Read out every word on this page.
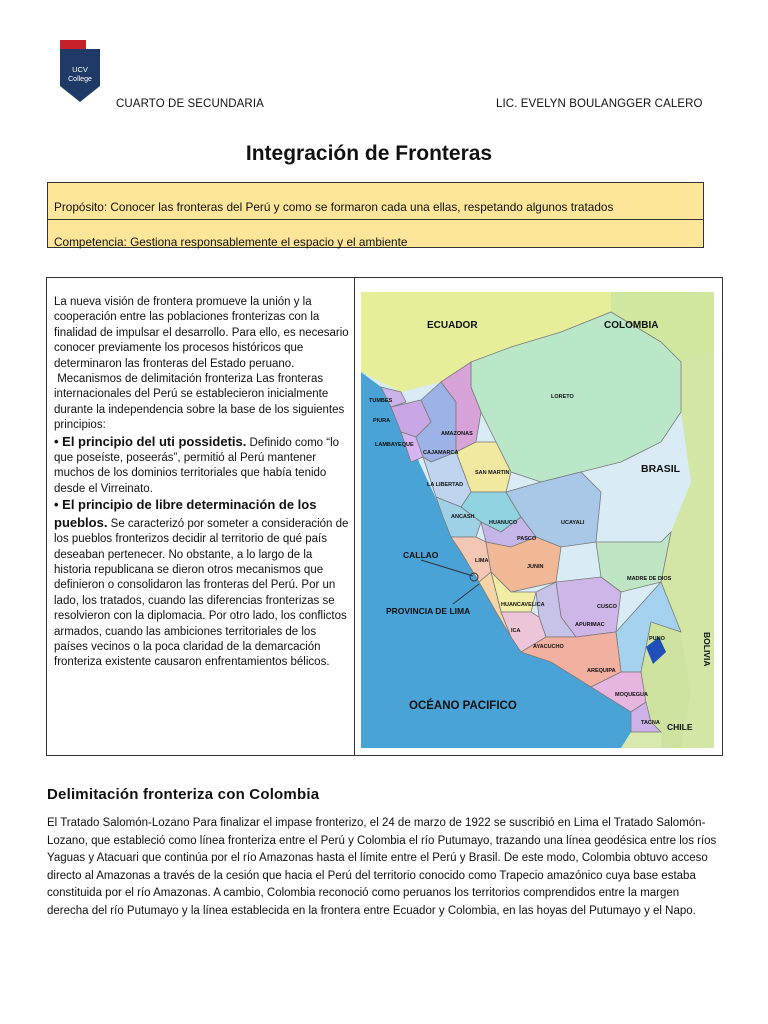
UCV
College
CUARTO DE SECUNDARIA	LIC. EVELYN BOULANGGER CALERO
Integración de Fronteras
Propósito: Conocer las fronteras del Perú y como se formaron cada una ellas, respetando algunos tratados
Competencia: Gestiona responsablemente el espacio y el ambiente

La nueva visión de frontera promueve la unión y la cooperación entre las poblaciones fronterizas con la finalidad de impulsar el desarrollo. Para ello, es necesario conocer previamente los procesos históricos que determinaron las fronteras del Estado peruano.

Mecanismos de delimitación fronteriza Las fronteras internacionales del Perú se establecieron inicialmente durante la independencia sobre la base de los siguientes principios:

• El principio del uti possidetis. Definido como “lo que poseíste, poseerás”, permitió al Perú mantener muchos de los dominios territoriales que había tenido desde el Virreinato.

• El principio de libre determinación de los pueblos. Se caracterizó por someter a consideración de los pueblos fronterizos decidir al territorio de qué país deseaban pertenecer. No obstante, a lo largo de la historia republicana se dieron otros mecanismos que definieron o consolidaron las fronteras del Perú. Por un lado, los tratados, cuando las diferencias fronterizas se resolvieron con la diplomacia. Por otro lado, los conflictos armados, cuando las ambiciones territoriales de los países vecinos o la poca claridad de la demarcación fronteriza existente causaron enfrentamientos bélicos.

ECUADOR	COLOMBIA
BRASIL
BOLIVIA
CHILE
OCÉANO PACIFICO
CALLAO
PROVINCIA DE LIMA
TUMBES
PIURA
LAMBAYEQUE
CAJAMARCA
AMAZONAS
LORETO
SAN MARTIN
LA LIBERTAD
ANCASH
HUANUCO	UCAYALI
PASCO
LIMA
JUNIN
MADRE DE DIOS
HUANCAVELICA	CUSCO
ICA
APURIMAC
AYACUCHO
PUNO
AREQUIPA
MOQUEGUA
TACNA
Delimitación fronteriza con Colombia

El Tratado Salomón-Lozano Para finalizar el impase fronterizo, el 24 de marzo de 1922 se suscribió en Lima el Tratado Salomón- Lozano, que estableció como línea fronteriza entre el Perú y Colombia el río Putumayo, trazando una línea geodésica entre los ríos Yaguas y Atacuari que continúa por el río Amazonas hasta el límite entre el Perú y Brasil. De este modo, Colombia obtuvo acceso directo al Amazonas a través de la cesión que hacia el Perú del territorio conocido como Trapecio amazónico cuya base estaba constituida por el río Amazonas. A cambio, Colombia reconoció como peruanos los territorios comprendidos entre la margen derecha del río Putumayo y la línea establecida en la frontera entre Ecuador y Colombia, en las hoyas del Putumayo y el Napo.
